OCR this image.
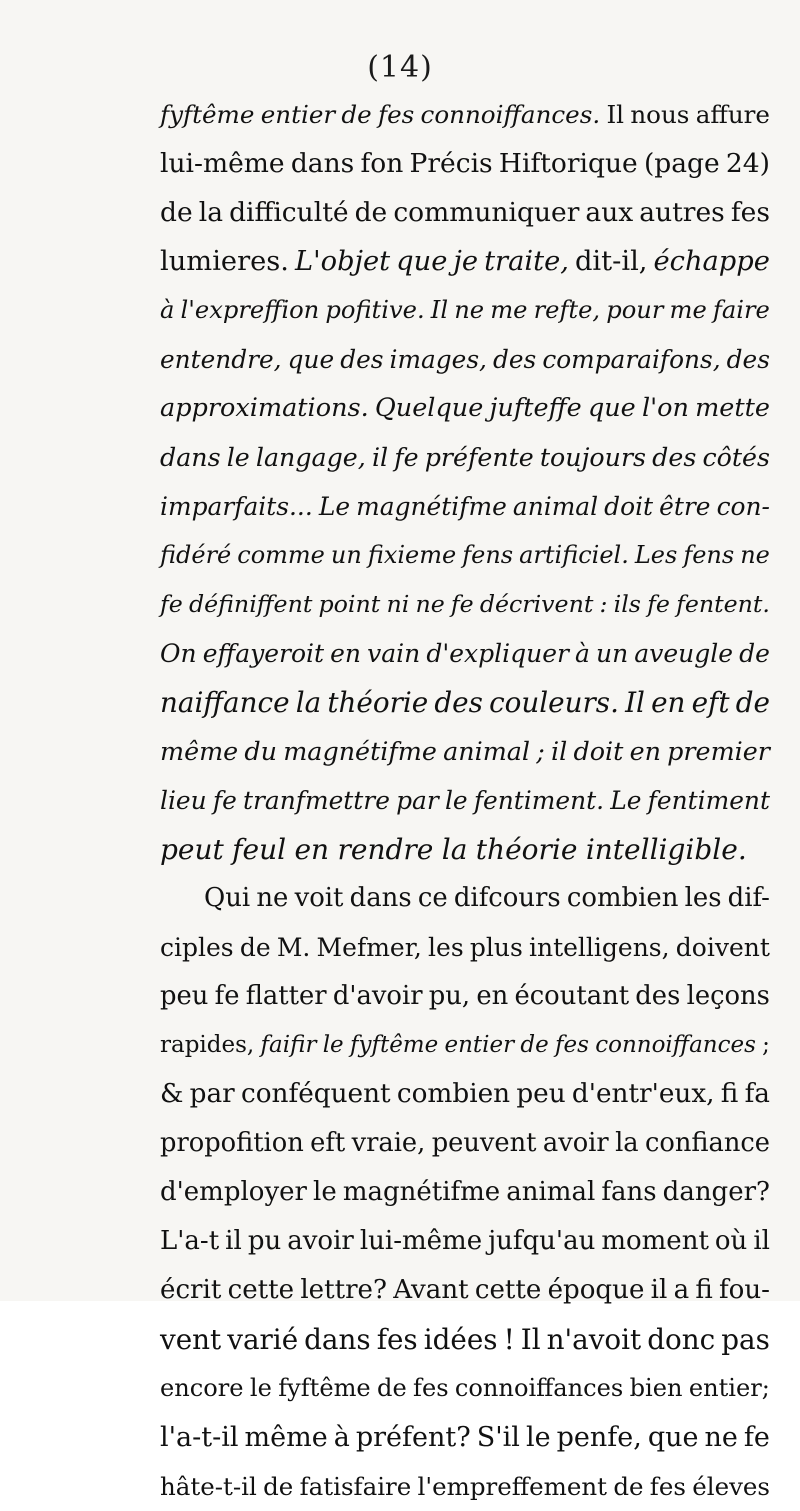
(14)
fyftême entier de fes connoiffances. Il nous affure
lui-même dans fon Précis Hiftorique (page 24)
de la difficulté de communiquer aux autres fes
lumieres. L'objet que je traite, dit-il, échappe
à l'expreffion pofitive. Il ne me refte, pour me faire
entendre, que des images, des comparaifons, des
approximations. Quelque jufteffe que l'on mette
dans le langage, il fe préfente toujours des côtés
imparfaits... Le magnétifme animal doit être con-
fidéré comme un fixieme fens artificiel. Les fens ne
fe définiffent point ni ne fe décrivent : ils fe fentent.
On effayeroit en vain d'expliquer à un aveugle de
naiffance la théorie des couleurs. Il en eft de
même du magnétifme animal ; il doit en premier
lieu fe tranfmettre par le fentiment. Le fentiment
peut feul en rendre la théorie intelligible.
Qui ne voit dans ce difcours combien les dif-
ciples de M. Mefmer, les plus intelligens, doivent
peu fe flatter d'avoir pu, en écoutant des leçons
rapides, faifir le fyftême entier de fes connoiffances ;
& par conféquent combien peu d'entr'eux, fi fa
propofition eft vraie, peuvent avoir la confiance
d'employer le magnétifme animal fans danger?
L'a-t il pu avoir lui-même jufqu'au moment où il
écrit cette lettre? Avant cette époque il a fi fou-
vent varié dans fes idées ! Il n'avoit donc pas
encore le fyftême de fes connoiffances bien entier;
l'a-t-il même à préfent? S'il le penfe, que ne fe
hâte-t-il de fatisfaire l'empreffement de fes éleves
